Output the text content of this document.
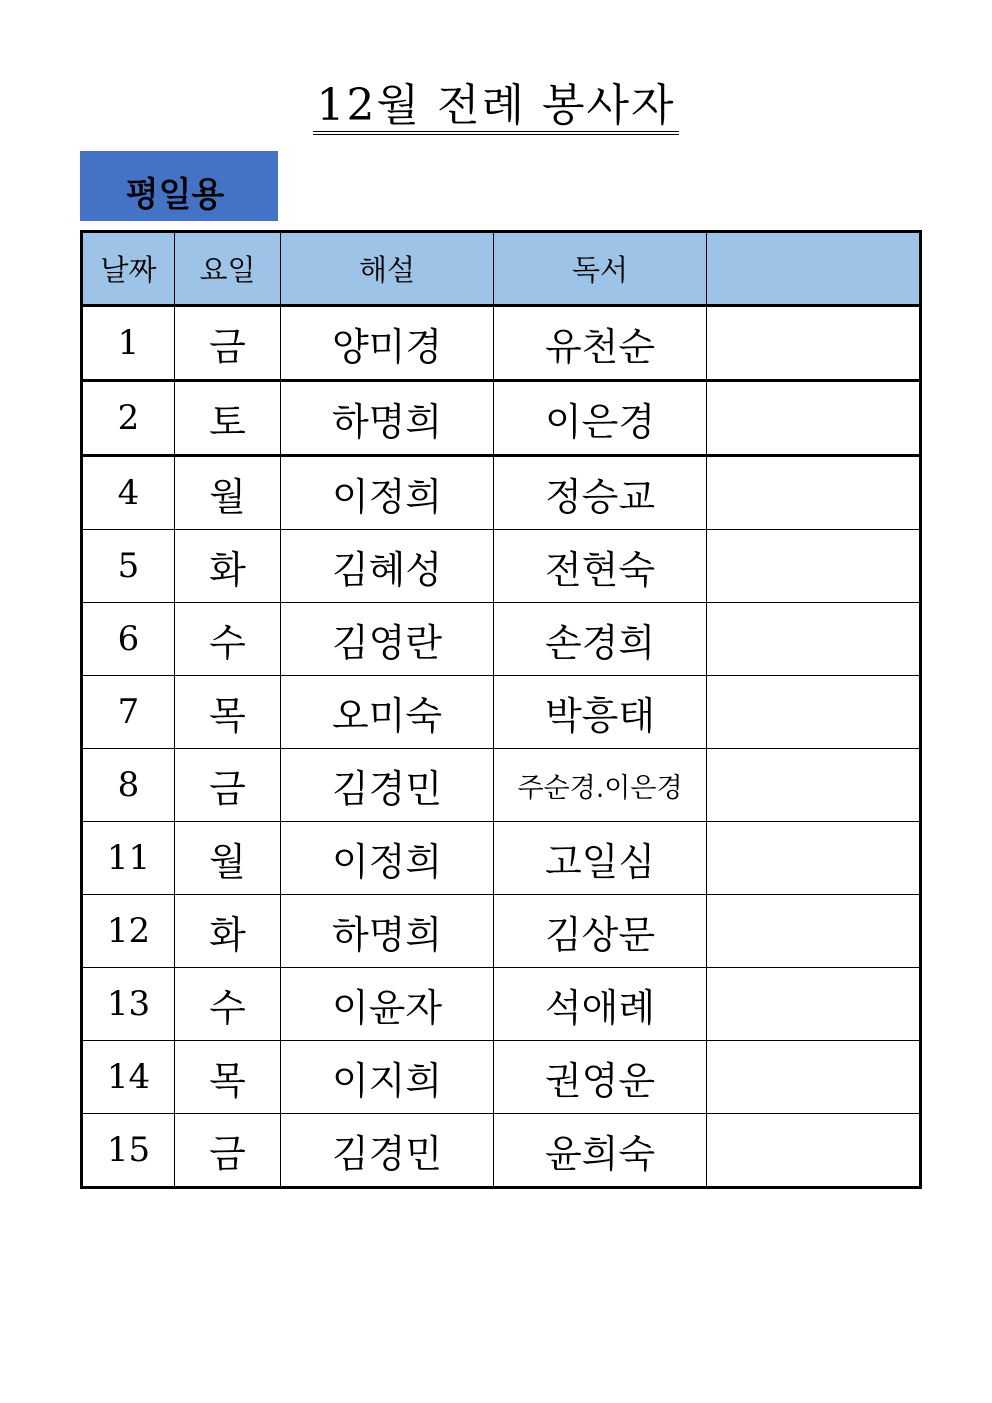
12월 전례 봉사자
평일용
날짜	요일	해설	독서	
1	금	양미경	유천순	
2	토	하명희	이은경	
4	월	이정희	정승교	
5	화	김혜성	전현숙	
6	수	김영란	손경희	
7	목	오미숙	박흥태	
8	금	김경민	주순경.이은경	
11	월	이정희	고일심	
12	화	하명희	김상문	
13	수	이윤자	석애례	
14	목	이지희	권영운	
15	금	김경민	윤희숙	
